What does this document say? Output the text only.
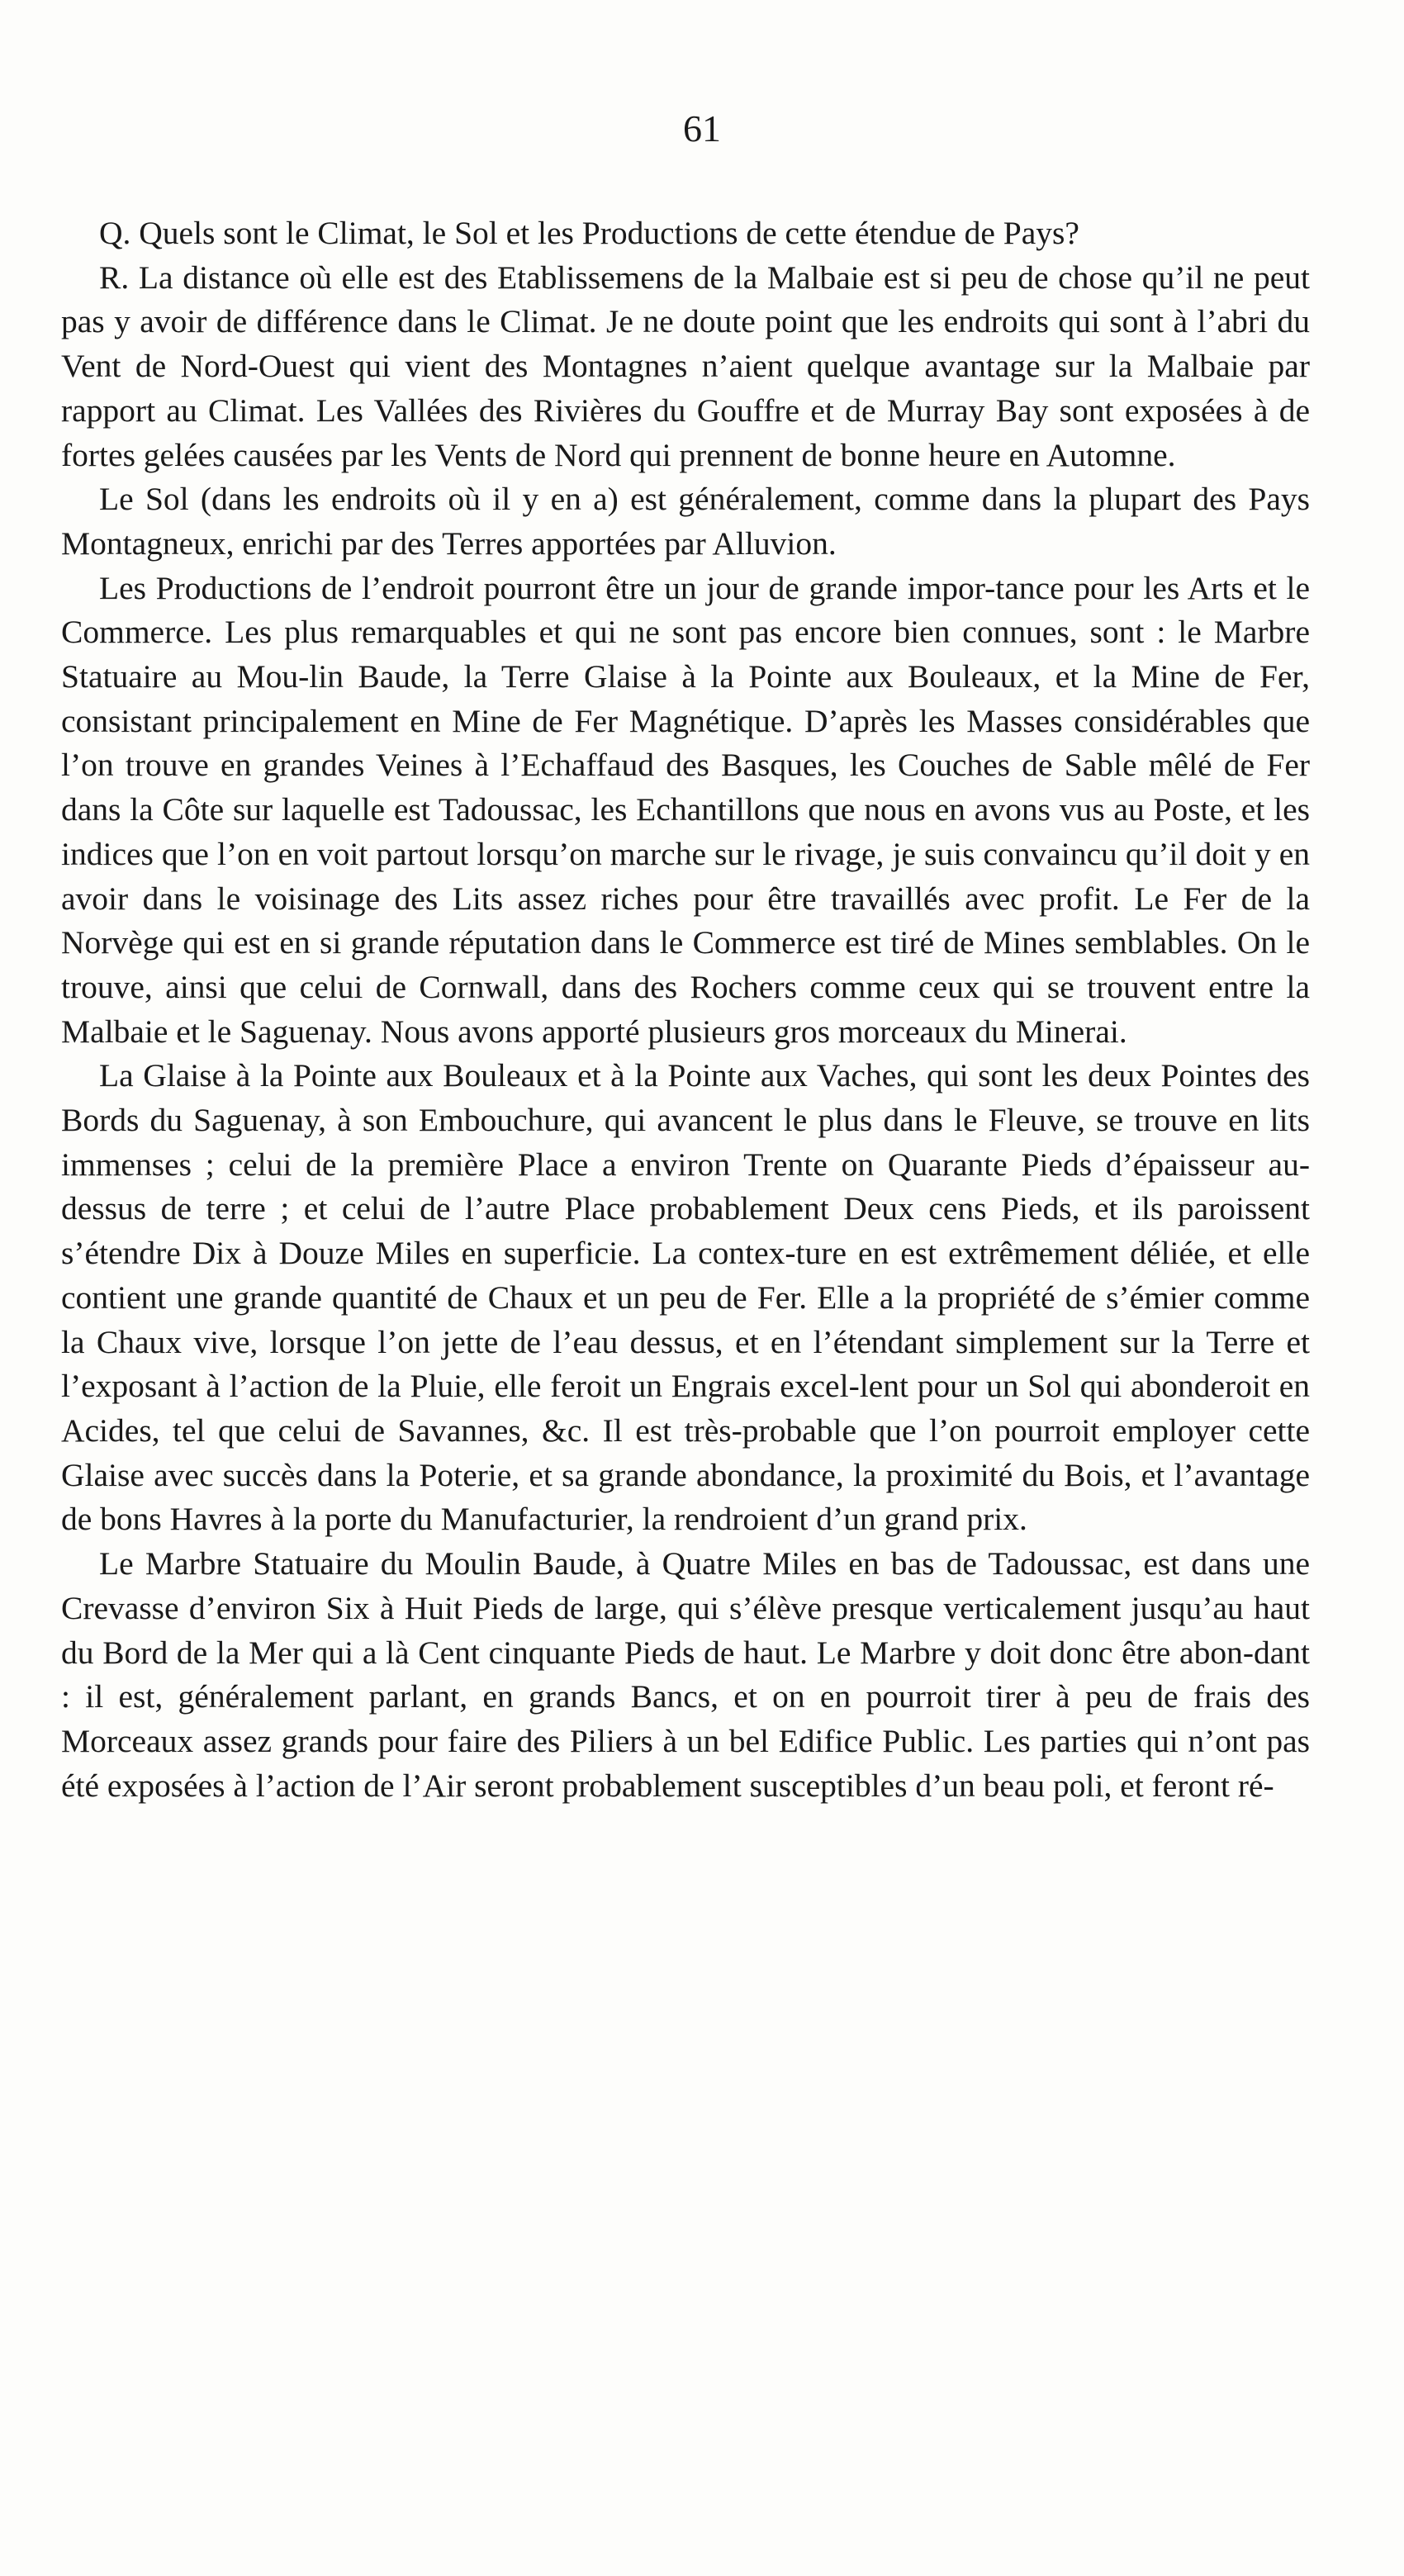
61

Q. Quels sont le Climat, le Sol et les Productions de cette étendue de Pays?

R. La distance où elle est des Etablissemens de la Malbaie est si peu de chose qu’il ne peut pas y avoir de différence dans le Climat. Je ne doute point que les endroits qui sont à l’abri du Vent de Nord-Ouest qui vient des Montagnes n’aient quelque avantage sur la Malbaie par rapport au Climat. Les Vallées des Rivières du Gouffre et de Murray Bay sont exposées à de fortes gelées causées par les Vents de Nord qui prennent de bonne heure en Automne.

Le Sol (dans les endroits où il y en a) est généralement, comme dans la plupart des Pays Montagneux, enrichi par des Terres apportées par Alluvion.

Les Productions de l’endroit pourront être un jour de grande impor-tance pour les Arts et le Commerce. Les plus remarquables et qui ne sont pas encore bien connues, sont : le Marbre Statuaire au Mou-lin Baude, la Terre Glaise à la Pointe aux Bouleaux, et la Mine de Fer, consistant principalement en Mine de Fer Magnétique. D’après les Masses considérables que l’on trouve en grandes Veines à l’Echaffaud des Basques, les Couches de Sable mêlé de Fer dans la Côte sur laquelle est Tadoussac, les Echantillons que nous en avons vus au Poste, et les indices que l’on en voit partout lorsqu’on marche sur le rivage, je suis convaincu qu’il doit y en avoir dans le voisinage des Lits assez riches pour être travaillés avec profit. Le Fer de la Norvège qui est en si grande réputation dans le Commerce est tiré de Mines semblables. On le trouve, ainsi que celui de Cornwall, dans des Rochers comme ceux qui se trouvent entre la Malbaie et le Saguenay. Nous avons apporté plusieurs gros morceaux du Minerai.

La Glaise à la Pointe aux Bouleaux et à la Pointe aux Vaches, qui sont les deux Pointes des Bords du Saguenay, à son Embouchure, qui avancent le plus dans le Fleuve, se trouve en lits immenses ; celui de la première Place a environ Trente on Quarante Pieds d’épaisseur au-dessus de terre ; et celui de l’autre Place probablement Deux cens Pieds, et ils paroissent s’étendre Dix à Douze Miles en superficie. La contex-ture en est extrêmement déliée, et elle contient une grande quantité de Chaux et un peu de Fer. Elle a la propriété de s’émier comme la Chaux vive, lorsque l’on jette de l’eau dessus, et en l’étendant simplement sur la Terre et l’exposant à l’action de la Pluie, elle feroit un Engrais excel-lent pour un Sol qui abonderoit en Acides, tel que celui de Savannes, &c. Il est très-probable que l’on pourroit employer cette Glaise avec succès dans la Poterie, et sa grande abondance, la proximité du Bois, et l’avantage de bons Havres à la porte du Manufacturier, la rendroient d’un grand prix.

Le Marbre Statuaire du Moulin Baude, à Quatre Miles en bas de Tadoussac, est dans une Crevasse d’environ Six à Huit Pieds de large, qui s’élève presque verticalement jusqu’au haut du Bord de la Mer qui a là Cent cinquante Pieds de haut. Le Marbre y doit donc être abon-dant : il est, généralement parlant, en grands Bancs, et on en pourroit tirer à peu de frais des Morceaux assez grands pour faire des Piliers à un bel Edifice Public. Les parties qui n’ont pas été exposées à l’action de l’Air seront probablement susceptibles d’un beau poli, et feront ré-
